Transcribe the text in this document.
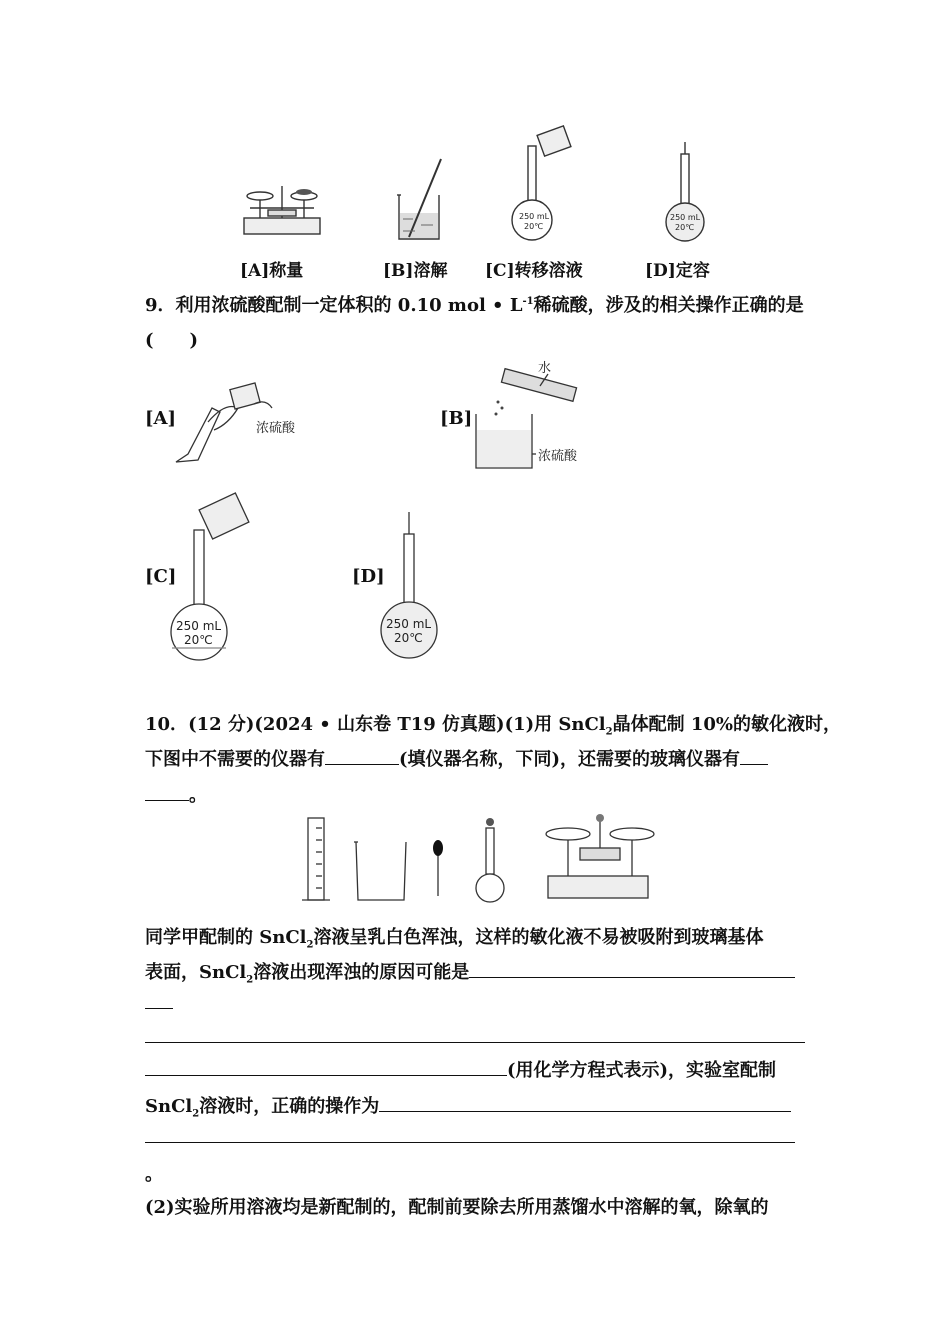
250 mL
20℃
250 mL
20℃
[A]称量	[B]溶解 [C]转移溶液	[D]定容
9．利用浓硫酸配制一定体积的 0.10 mol • $L^{-1}$稀硫酸，涉及的相关操作正确的是
(　　)
[A]	浓硫酸	[B]
水
浓硫酸
[C]
250 mL
20℃
[D]
250 mL
20℃
10．(12 分)(2024 • 山东卷 T19 仿真题)(1)用 SnCl$_2$晶体配制 10%的敏化液时，
下图中不需要的仪器有	(填仪器名称，下同)，还需要的玻璃仪器有
。
同学甲配制的 SnCl$_2$溶液呈乳白色浑浊，这样的敏化液不易被吸附到玻璃基体
表面，SnCl$_2$溶液出现浑浊的原因可能是
(用化学方程式表示)，实验室配制
SnCl$_2$溶液时，正确的操作为
。
(2)实验所用溶液均是新配制的，配制前要除去所用蒸馏水中溶解的氧，除氧的
